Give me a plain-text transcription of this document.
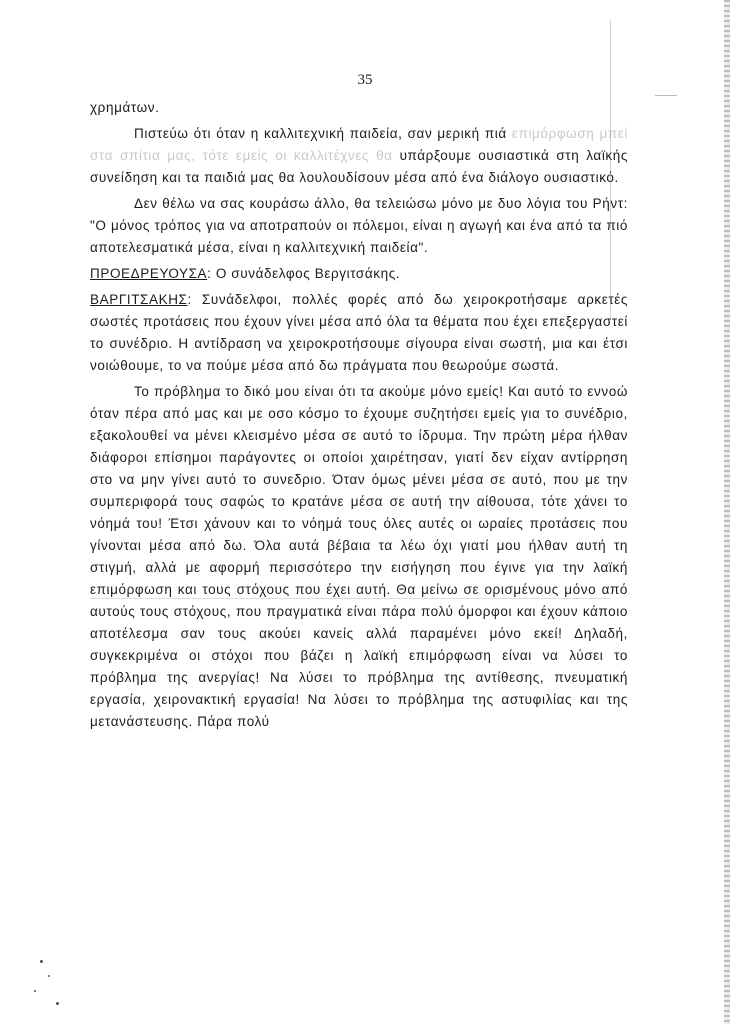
35

χρημάτων.

Πιστεύω ότι όταν η καλλιτεχνική παιδεία, σαν μερική πιά επιμόρφωση μπεί στα σπίτια μας, τότε εμείς οι καλλιτέχνες θα υπάρξουμε ουσιαστικά στη λαϊκής συνείδηση και τα παιδιά μας θα λουλουδίσουν μέσα από ένα διάλογο ουσιαστικό.

Δεν θέλω να σας κουράσω άλλο, θα τελειώσω μόνο με δυο λόγια του Ρήντ: "Ο μόνος τρόπος για να αποτραπούν οι πόλεμοι, είναι η αγωγή και ένα από τα πιό αποτελεσματικά μέσα, είναι η καλλιτεχνική παιδεία".

ΠΡΟΕΔΡΕΥΟΥΣΑ: Ο συνάδελφος Βεργιτσάκης.

ΒΑΡΓΙΤΣΑΚΗΣ: Συνάδελφοι, πολλές φορές από δω χειροκροτήσαμε αρκετές σωστές προτάσεις που έχουν γίνει μέσα από όλα τα θέματα που έχει επεξεργαστεί το συνέδριο. Η αντίδραση να χειροκροτήσουμε σίγουρα είναι σωστή, μια και έτσι νοιώθουμε, το να πούμε μέσα από δω πράγματα που θεωρούμε σωστά.

Το πρόβλημα το δικό μου είναι ότι τα ακούμε μόνο εμείς! Και αυτό το εννοώ όταν πέρα από μας και με οσο κόσμο το έχουμε συζητήσει εμείς για το συνέδριο, εξακολουθεί να μένει κλεισμένο μέσα σε αυτό το ίδρυμα. Την πρώτη μέρα ήλθαν διάφοροι επίσημοι παράγοντες οι οποίοι χαιρέτησαν, γιατί δεν είχαν αντίρρηση στο να μην γίνει αυτό το συνεδριο. Όταν όμως μένει μέσα σε αυτό, που με την συμπεριφορά τους σαφώς το κρατάνε μέσα σε αυτή την αίθουσα, τότε χάνει το νόημά του! Έτσι χάνουν και το νόημά τους όλες αυτές οι ωραίες προτάσεις που γίνονται μέσα από δω. Όλα αυτά βέβαια τα λέω όχι γιατί μου ήλθαν αυτή τη στιγμή, αλλά με αφορμή περισσότερο την εισήγηση που έγινε για την λαϊκή επιμόρφωση και τους στόχους που έχει αυτή. Θα μείνω σε ορισμένους μόνο από αυτούς τους στόχους, που πραγματικά είναι πάρα πολύ όμορφοι και έχουν κάποιο αποτέλεσμα σαν τους ακούει κανείς αλλά παραμένει μόνο εκεί! Δηλαδή, συγκεκριμένα οι στόχοι που βάζει η λαϊκή επιμόρφωση είναι να λύσει το πρόβλημα της ανεργίας! Να λύσει το πρόβλημα της αντίθεσης, πνευματική εργασία, χειρονακτική εργασία! Να λύσει το πρόβλημα της αστυφιλίας και της μετανάστευσης. Πάρα πολύ
